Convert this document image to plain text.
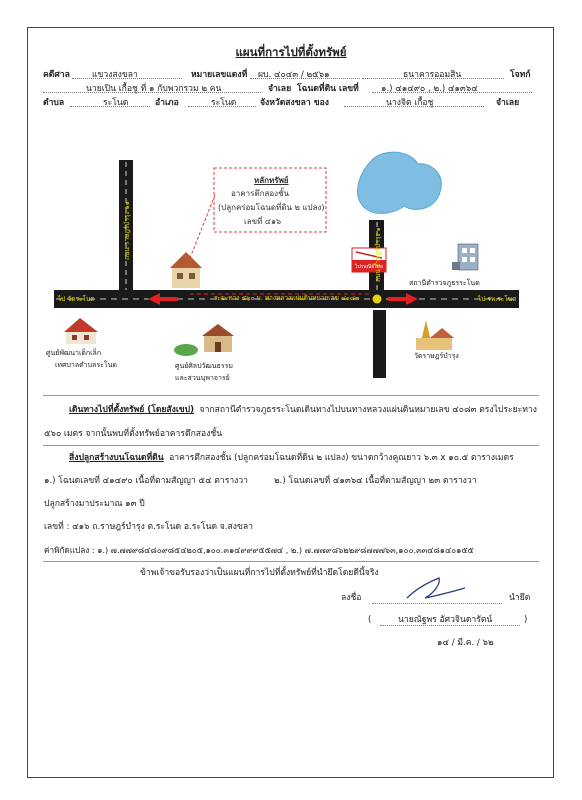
แผนที่การไปที่ตั้งทรัพย์
คดีศาล	แขวงสงขลา	หมายเลขแดงที่ ผบ. ๔๐๔๓ / ๒๕๖๑	ธนาคารออมสิน	โจทก์
นายเปิน เกื้อชู ที่ ๑ กับพวกรวม ๒ คน	จำเลย โฉนดที่ดิน เลขที่	๑.) ๔๑๔๙๐ , ๒.) ๔๑๓๖๔
ตำบล	ระโนด	อำเภอ	ระโนด	จังหวัดสงขลา ของ	นางจิต เกื้อชู	จำเลย
หลักทรัพย์
อาคารตึกสองชั้น
(ปลูกคร่อมโฉนดที่ดิน ๒ แปลง)
เลขที่ ๔๑๖
ถนน ราษฎร์บำรุง ๑๑	ถนน ราษฎร์บำรุง ๑
ระยะทาง ๕๖๐ ม. ทางหลวงแผ่นดินหมายเลข ๔๐๘๓
ไป จัดระโนด	ไป รพ.ระโนด
ไปรษณีย์ไทย
สถานีตำรวจภูธรระโนด
ศูนย์พัฒนาเด็กเล็ก
เทศบาลตำบลระโนด	ศูนย์ศิลปวัฒนธรรม
และสวนนุพาจารย์
วัดราษฎร์บำรุง
เดินทางไปที่ตั้งทรัพย์ (โดยสังเขป) จากสถานีตำรวจภูธรระโนดเดินทางไปบนทางหลวงแผ่นดินหมายเลข ๔๐๘๓ ตรงไประยะทาง
๕๖๐ เมตร จากนั้นพบที่ตั้งทรัพย์อาคารตึกสองชั้น
สิ่งปลูกสร้างบนโฉนดที่ดิน อาคารตึกสองชั้น (ปลูกคร่อมโฉนดที่ดิน ๒ แปลง) ขนาดกว้างคูณยาว ๖.๓ x ๑๐.๕ ตารางเมตร
๑.) โฉนดเลขที่ ๔๑๔๙๐ เนื้อที่ตามสัญญา ๕๔ ตารางวา	๒.) โฉนดเลขที่ ๔๑๓๖๔ เนื้อที่ตามสัญญา ๒๓ ตารางวา
ปลูกสร้างมาประมาณ ๑๓ ปี
เลขที่ : ๔๑๖ ถ.ราษฎร์บำรุง ต.ระโนด อ.ระโนด จ.สงขลา
ค่าพิกัดแปลง : ๑.) ๗.๗๗๙๘๔๘๐๙๘๕๔๒๐๕,๑๐๐.๓๑๔๙๙๙๕๕๗๔ , ๒.) ๗.๗๗๙๘๖๒๒๙๘๗๗๗๖๓,๑๐๐.๓๓๔๘๑๔๐๑๕๕
ข้าพเจ้าขอรับรองว่าเป็นแผนที่การไปที่ตั้งทรัพย์ที่นำยึดโดยดีนี้จริง
ลงชื่อ	นำยึด
(	นายณัฐพร อัศวจินดารัตน์	)
๑๔ / มี.ค. / ๖๒
